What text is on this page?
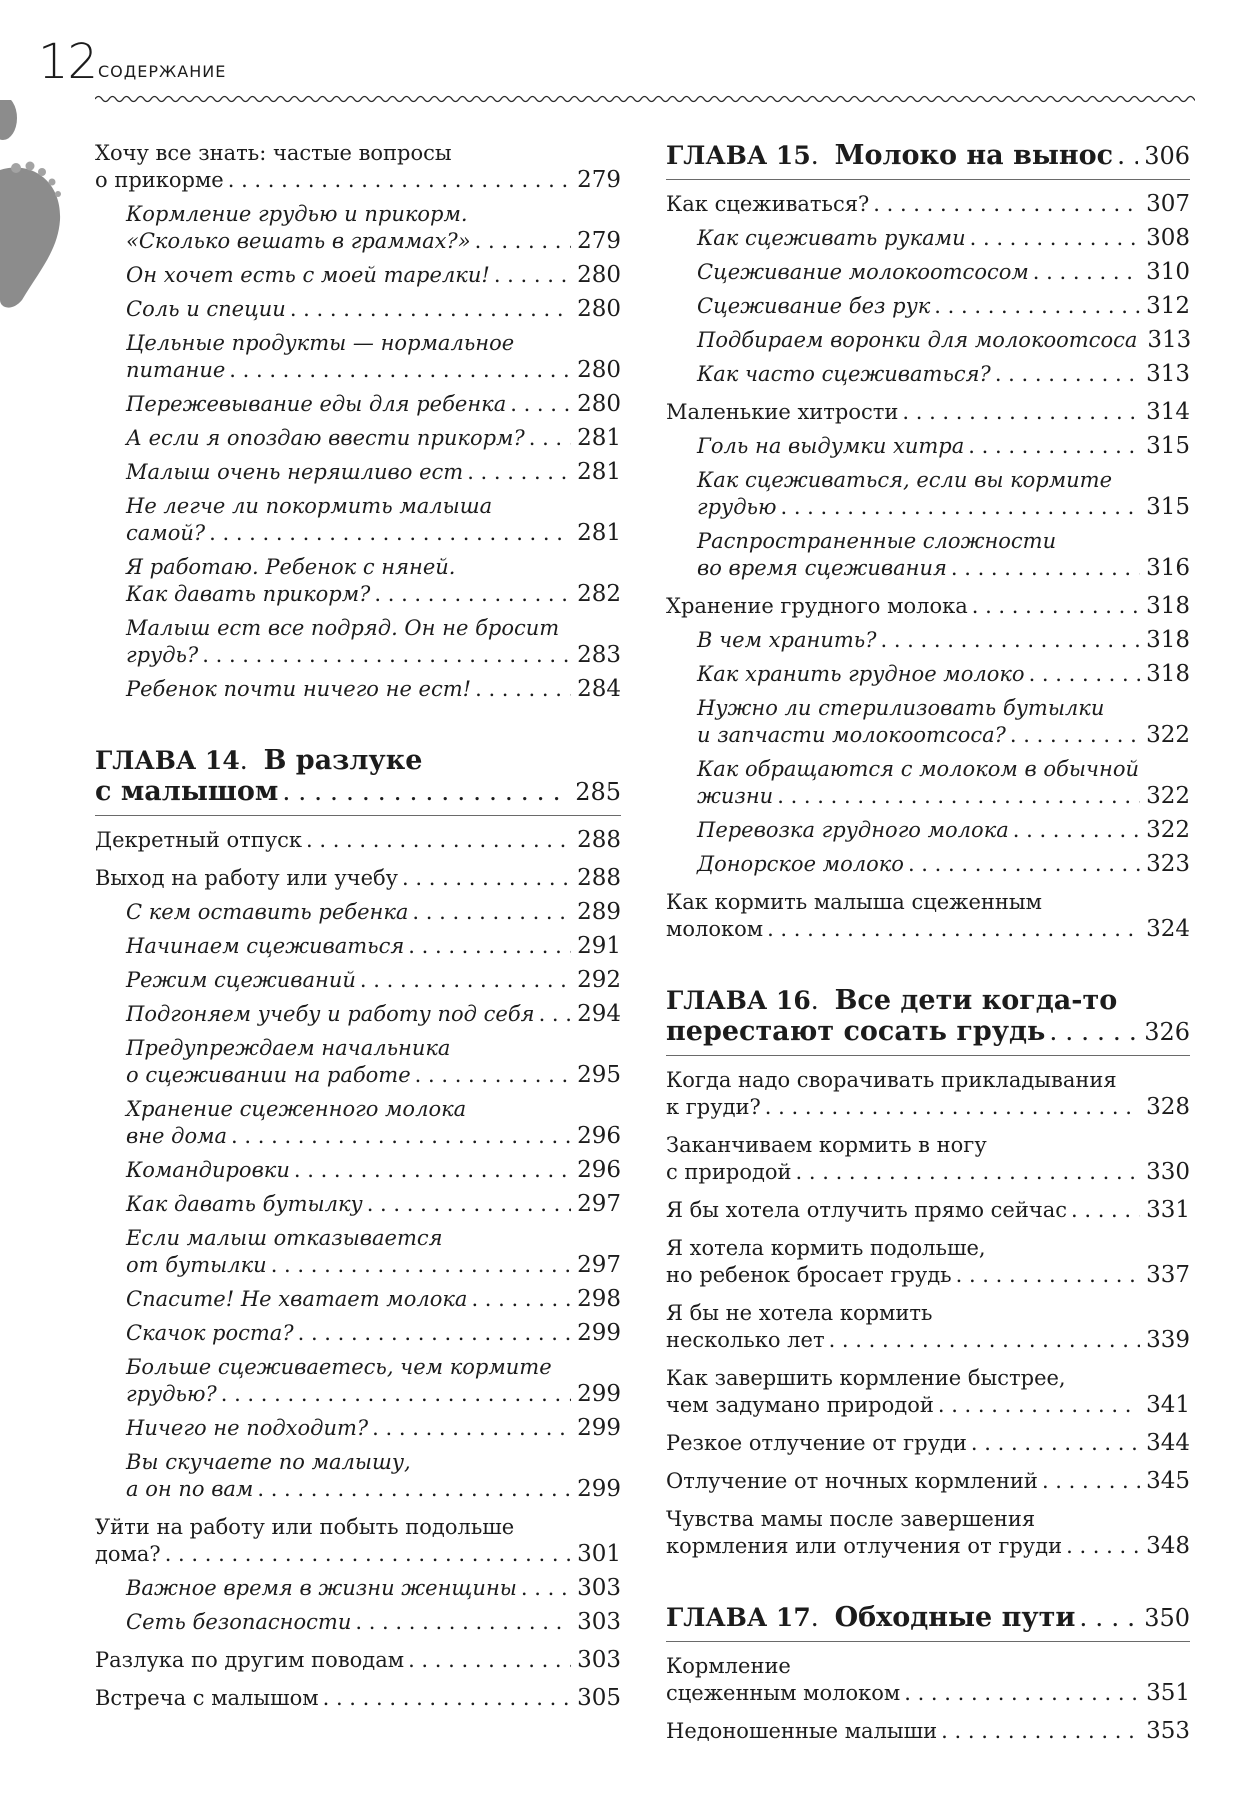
12 СОДЕРЖАНИЕ
Хочу все знать: частые вопросы
о прикорме . . .	279
Кормление грудью и прикорм.
«Сколько вешать в граммах?» . . .	279
Он хочет есть с моей тарелки! . . .	280
Соль и специи . . .	280
Цельные продукты — нормальное
питание . . .	280
Пережевывание еды для ребенка . . .	280
А если я опоздаю ввести прикорм? . . . 281
Малыш очень неряшливо ест . . .	281
Не легче ли покормить малыша
самой? . . .	281
Я работаю. Ребенок с няней.
Как давать прикорм? . . .	282
Малыш ест все подряд. Он не бросит
грудь? . . .	283
Ребенок почти ничего не ест! . . .	284
ГЛАВА 14.  В разлуке
с малышом . . .	285
Декретный отпуск . . .	288
Выход на работу или учебу . . .	288
С кем оставить ребенка . . .	289
Начинаем сцеживаться . . .	291
Режим сцеживаний . . .	292
Подгоняем учебу и работу под себя . . . 294
Предупреждаем начальника
о сцеживании на работе . . .	295
Хранение сцеженного молока
вне дома . . .	296
Командировки . . .	296
Как давать бутылку . . .	297
Если малыш отказывается
от бутылки . . .	297
Спасите! Не хватает молока . . .	298
Скачок роста? . . .	299
Больше сцеживаетесь, чем кормите
грудью? . . .	299
Ничего не подходит? . . .	299
Вы скучаете по малышу,
а он по вам . . .	299
Уйти на работу или побыть подольше
дома? . . .	301
Важное время в жизни женщины . . .	303
Сеть безопасности . . .	303
Разлука по другим поводам . . .	303
Встреча с малышом . . .	305
ГЛАВА 15 . Молоко на вынос . . . 306
Как сцеживаться? . . .	307
Как сцеживать руками . . .	308
Сцеживание молокоотсосом . . .	310
Сцеживание без рук . . .	312
Подбираем воронки для молокоотсоса 313
Как часто сцеживаться? . . .	313
Маленькие хитрости . . .	314
Голь на выдумки хитра . . .	315
Как сцеживаться, если вы кормите
грудью . . .	315
Распространенные сложности
во время сцеживания . . .	316
Хранение грудного молока . . .	318
В чем хранить? . . .	318
Как хранить грудное молоко . . .	318
Нужно ли стерилизовать бутылки
и запчасти молокоотсоса? . . .	322
Как обращаются с молоком в обычной
жизни . . .	322
Перевозка грудного молока . . .	322
Донорское молоко . . .	323
Как кормить малыша сцеженным
молоком . . .	324
ГЛАВА 16.  Все дети когда-то
перестают сосать грудь . . .	326
Когда надо сворачивать прикладывания
к груди? . . .	328
Заканчиваем кормить в ногу
с природой . . .	330
Я бы хотела отлучить прямо сейчас . . .	331
Я хотела кормить подольше,
но ребенок бросает грудь . . .	337
Я бы не хотела кормить
несколько лет . . .	339
Как завершить кормление быстрее,
чем задумано природой . . .	341
Резкое отлучение от груди . . .	344
Отлучение от ночных кормлений . . .	345
Чувства мамы после завершения
кормления или отлучения от груди . . .	348
ГЛАВА 17 . Обходные пути . . .	350
Кормление
сцеженным молоком . . .	351
Недоношенные малыши . . .	353
